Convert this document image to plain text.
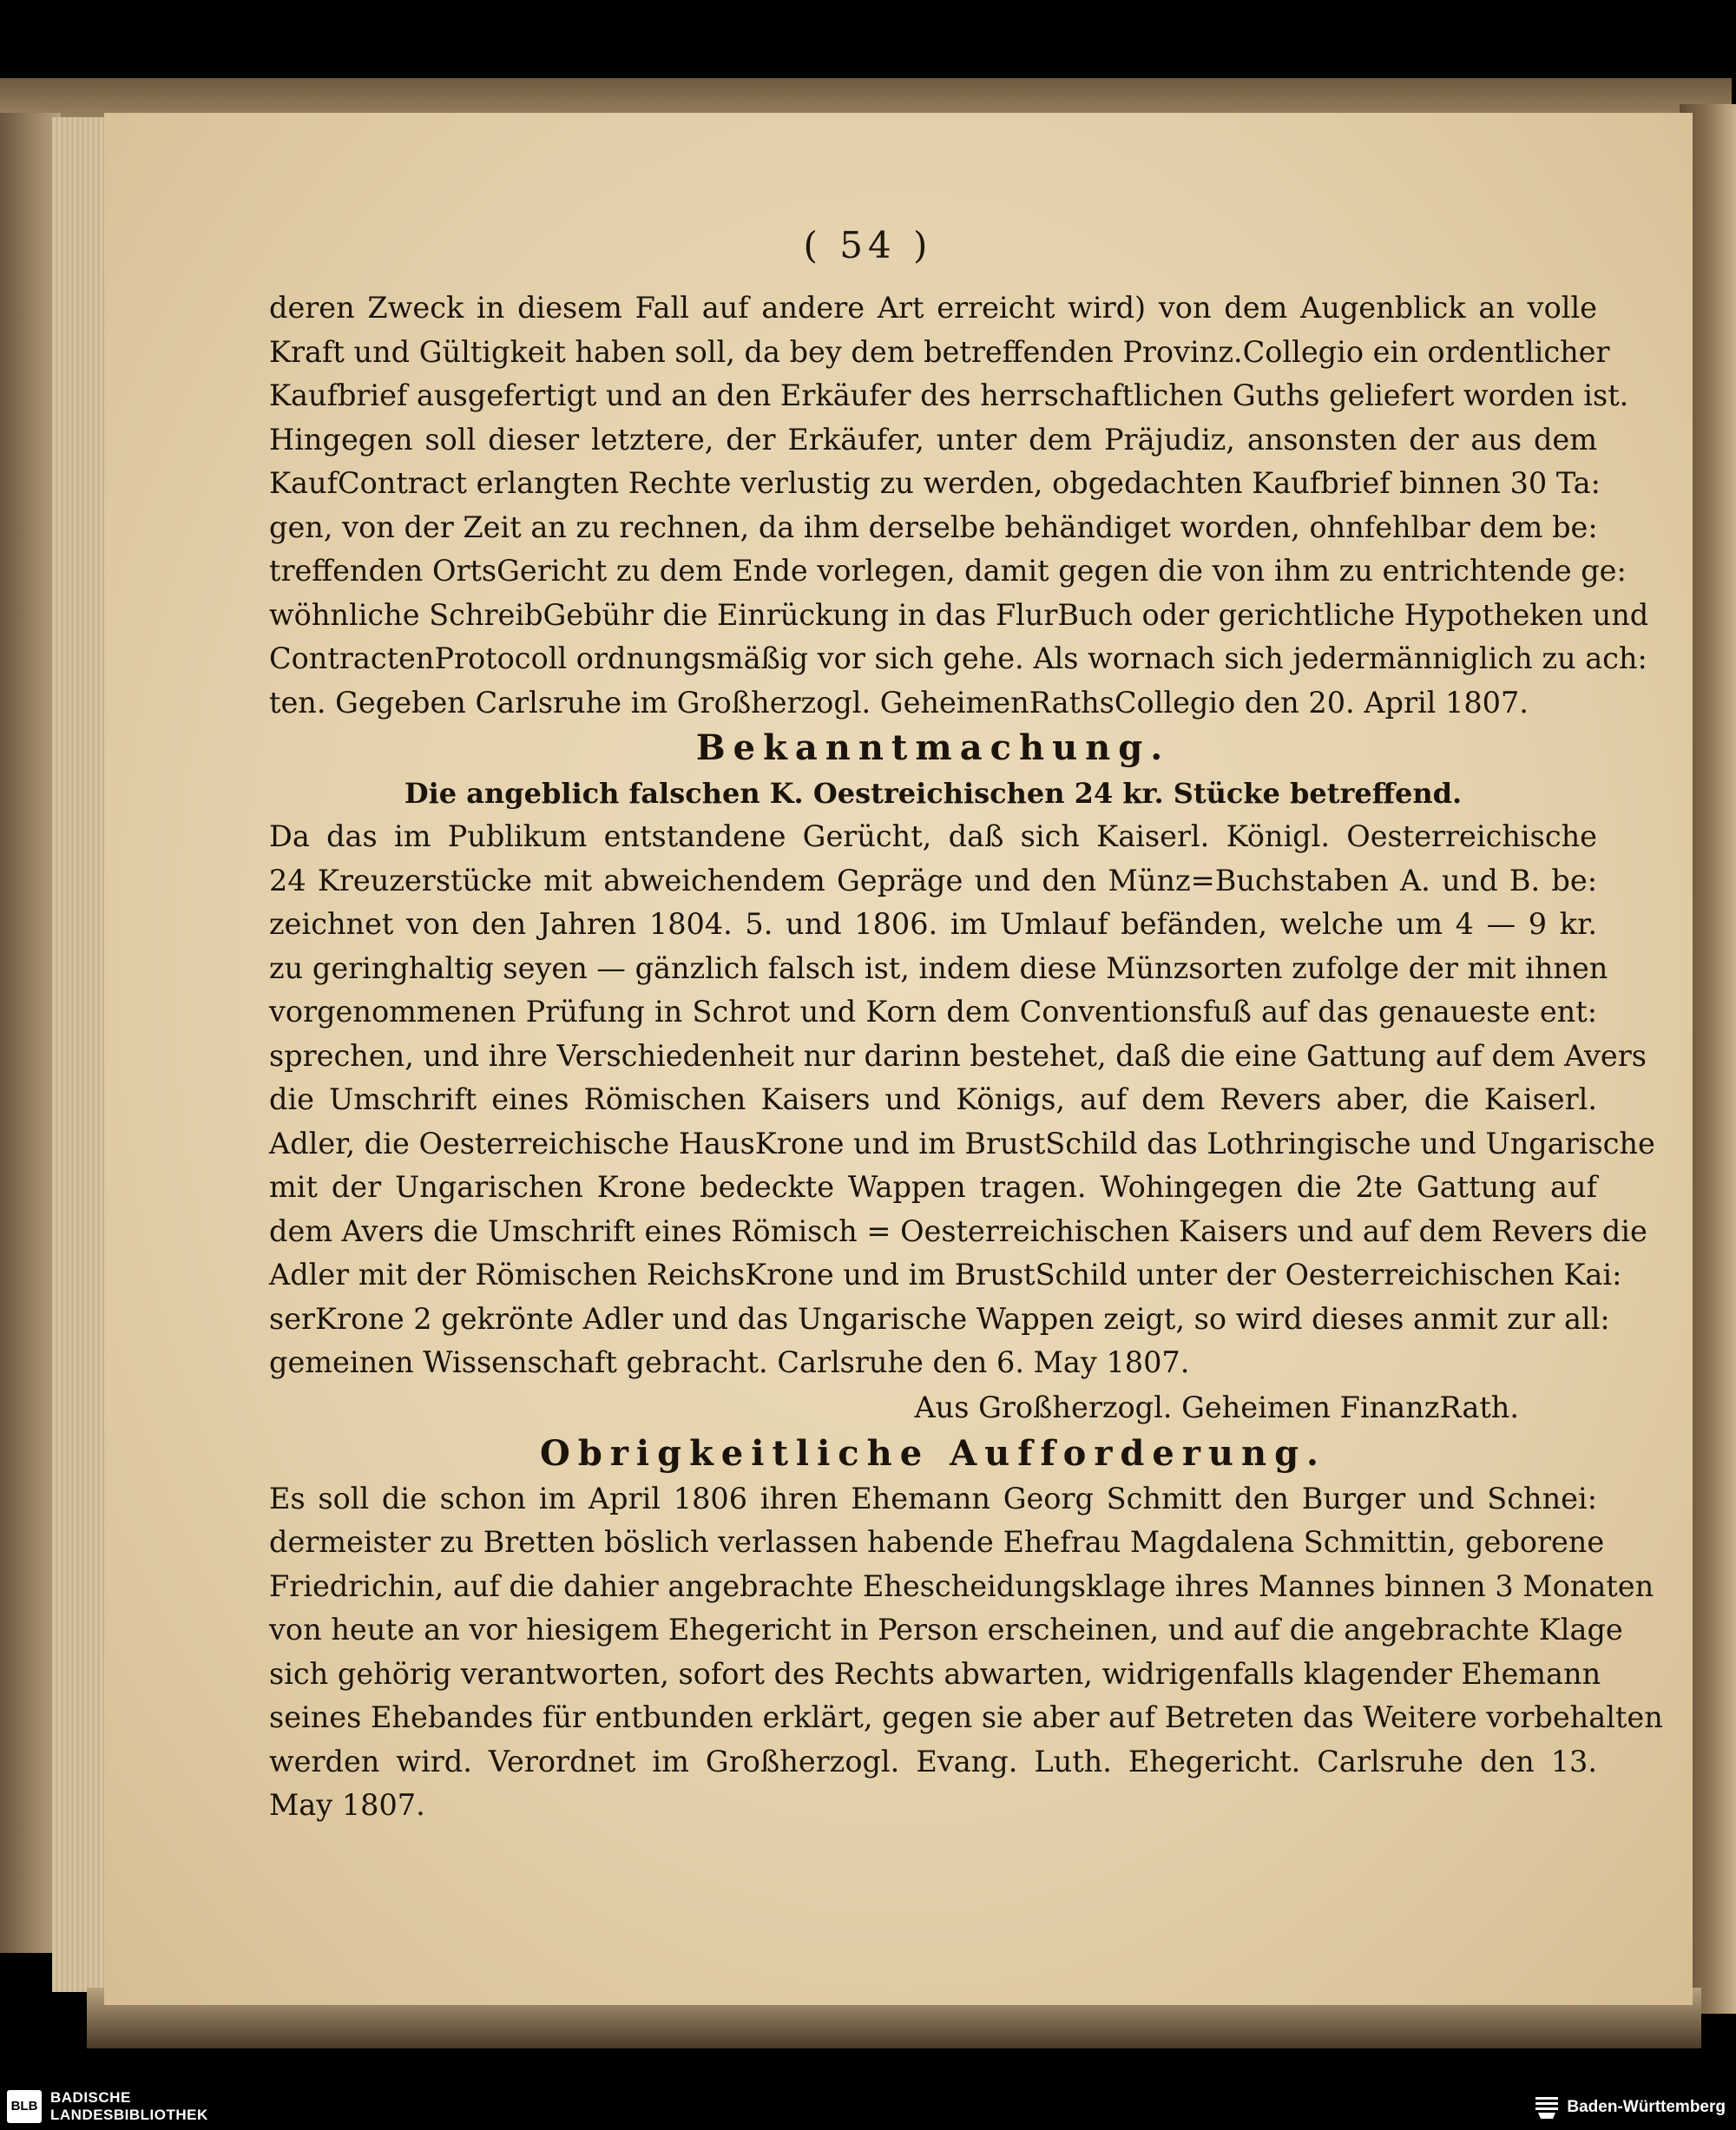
( 54 )
deren Zweck in diesem Fall auf andere Art erreicht wird) von dem Augenblick an volle
Kraft und Gültigkeit haben soll, da bey dem betreffenden Provinz.Collegio ein ordentlicher
Kaufbrief ausgefertigt und an den Erkäufer des herrschaftlichen Guths geliefert worden ist.
Hingegen soll dieser letztere, der Erkäufer, unter dem Präjudiz, ansonsten der aus dem
KaufContract erlangten Rechte verlustig zu werden, obgedachten Kaufbrief binnen 30 Ta:
gen, von der Zeit an zu rechnen, da ihm derselbe behändiget worden, ohnfehlbar dem be:
treffenden OrtsGericht zu dem Ende vorlegen, damit gegen die von ihm zu entrichtende ge:
wöhnliche SchreibGebühr die Einrückung in das FlurBuch oder gerichtliche Hypotheken und
ContractenProtocoll ordnungsmäßig vor sich gehe. Als wornach sich jedermänniglich zu ach:
ten. Gegeben Carlsruhe im Großherzogl. GeheimenRathsCollegio den 20. April 1807.
Bekanntmachung.
Die angeblich falschen K. Oestreichischen 24 kr. Stücke betreffend.
Da das im Publikum entstandene Gerücht, daß sich Kaiserl. Königl. Oesterreichische
24 Kreuzerstücke mit abweichendem Gepräge und den Münz=Buchstaben A. und B. be:
zeichnet von den Jahren 1804. 5. und 1806. im Umlauf befänden, welche um 4 — 9 kr.
zu geringhaltig seyen — gänzlich falsch ist, indem diese Münzsorten zufolge der mit ihnen
vorgenommenen Prüfung in Schrot und Korn dem Conventionsfuß auf das genaueste ent:
sprechen, und ihre Verschiedenheit nur darinn bestehet, daß die eine Gattung auf dem Avers
die Umschrift eines Römischen Kaisers und Königs, auf dem Revers aber, die Kaiserl.
Adler, die Oesterreichische HausKrone und im BrustSchild das Lothringische und Ungarische
mit der Ungarischen Krone bedeckte Wappen tragen. Wohingegen die 2te Gattung auf
dem Avers die Umschrift eines Römisch = Oesterreichischen Kaisers und auf dem Revers die
Adler mit der Römischen ReichsKrone und im BrustSchild unter der Oesterreichischen Kai:
serKrone 2 gekrönte Adler und das Ungarische Wappen zeigt, so wird dieses anmit zur all:
gemeinen Wissenschaft gebracht. Carlsruhe den 6. May 1807.
Aus Großherzogl. Geheimen FinanzRath.
Obrigkeitliche Aufforderung.
Es soll die schon im April 1806 ihren Ehemann Georg Schmitt den Burger und Schnei:
dermeister zu Bretten böslich verlassen habende Ehefrau Magdalena Schmittin, geborene
Friedrichin, auf die dahier angebrachte Ehescheidungsklage ihres Mannes binnen 3 Monaten
von heute an vor hiesigem Ehegericht in Person erscheinen, und auf die angebrachte Klage
sich gehörig verantworten, sofort des Rechts abwarten, widrigenfalls klagender Ehemann
seines Ehebandes für entbunden erklärt, gegen sie aber auf Betreten das Weitere vorbehalten
werden wird. Verordnet im Großherzogl. Evang. Luth. Ehegericht. Carlsruhe den 13.
May 1807.
BLB
BADISCHE
LANDESBIBLIOTHEK	Baden-Württemberg
